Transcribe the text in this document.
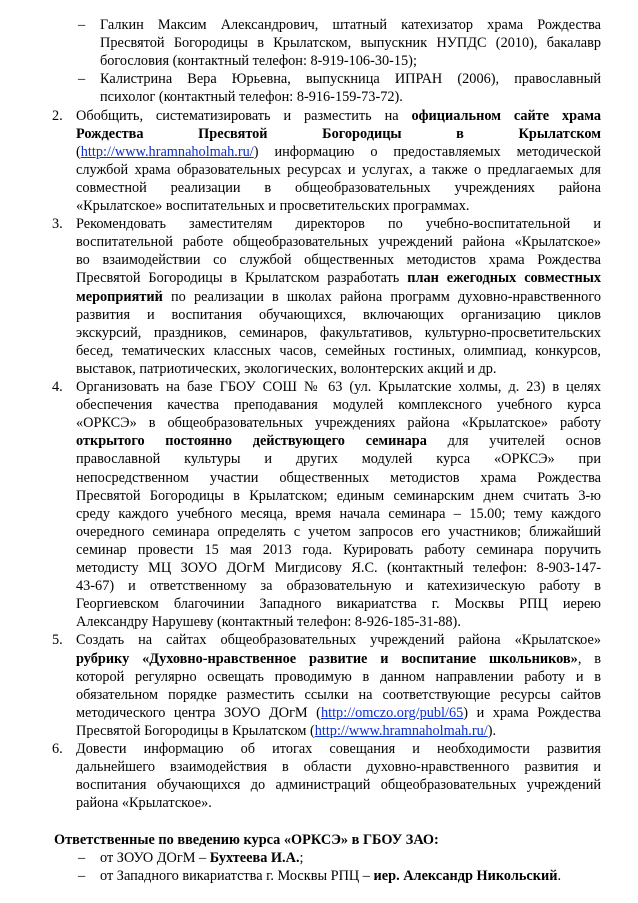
– Галкин Максим Александрович, штатный катехизатор храма Рождества
Пресвятой Богородицы в Крылатском, выпускник НУПДС (2010), бакалавр
богословия (контактный телефон: 8-919-106-30-15);
– Калистрина Вера Юрьевна, выпускница ИПРАН (2006), православный
психолог (контактный телефон: 8-916-159-73-72).
2. Обобщить, систематизировать и разместить на официальном сайте храма
Рождества Пресвятой Богородицы в Крылатском
(http://www.hramnaholmah.ru/) информацию о предоставляемых методической
службой храма образовательных ресурсах и услугах, а также о предлагаемых для
совместной реализации в общеобразовательных учреждениях района
«Крылатское» воспитательных и просветительских программах.
3. Рекомендовать заместителям директоров по учебно-воспитательной и
воспитательной работе общеобразовательных учреждений района «Крылатское»
во взаимодействии со службой общественных методистов храма Рождества
Пресвятой Богородицы в Крылатском разработать план ежегодных совместных
мероприятий по реализации в школах района программ духовно-нравственного
развития и воспитания обучающихся, включающих организацию циклов
экскурсий, праздников, семинаров, факультативов, культурно-просветительских
бесед, тематических классных часов, семейных гостиных, олимпиад, конкурсов,
выставок, патриотических, экологических, волонтерских акций и др.
4. Организовать на базе ГБОУ СОШ № 63 (ул. Крылатские холмы, д. 23) в целях
обеспечения качества преподавания модулей комплексного учебного курса
«ОРКСЭ» в общеобразовательных учреждениях района «Крылатское» работу
открытого постоянно действующего семинара для учителей основ
православной культуры и других модулей курса «ОРКСЭ» при
непосредственном участии общественных методистов храма Рождества
Пресвятой Богородицы в Крылатском; единым семинарским днем считать 3-ю
среду каждого учебного месяца, время начала семинара – 15.00; тему каждого
очередного семинара определять с учетом запросов его участников; ближайший
семинар провести 15 мая 2013 года. Курировать работу семинара поручить
методисту МЦ ЗОУО ДОгМ Мигдисову Я.С. (контактный телефон: 8-903-147-
43-67) и ответственному за образовательную и катехизическую работу в
Георгиевском благочинии Западного викариатства г. Москвы РПЦ иерею
Александру Нарушеву (контактный телефон: 8-926-185-31-88).
5. Создать на сайтах общеобразовательных учреждений района «Крылатское»
рубрику «Духовно-нравственное развитие и воспитание школьников», в
которой регулярно освещать проводимую в данном направлении работу и в
обязательном порядке разместить ссылки на соответствующие ресурсы сайтов
методического центра ЗОУО ДОгМ (http://omczo.org/publ/65) и храма Рождества
Пресвятой Богородицы в Крылатском (http://www.hramnaholmah.ru/).
6. Довести информацию об итогах совещания и необходимости развития
дальнейшего взаимодействия в области духовно-нравственного развития и
воспитания обучающихся до администраций общеобразовательных учреждений
района «Крылатское».
Ответственные по введению курса «ОРКСЭ» в ГБОУ ЗАО:
– от ЗОУО ДОгМ – Бухтеева И.А.;
– от Западного викариатства г. Москвы РПЦ – иер. Александр Никольский.
